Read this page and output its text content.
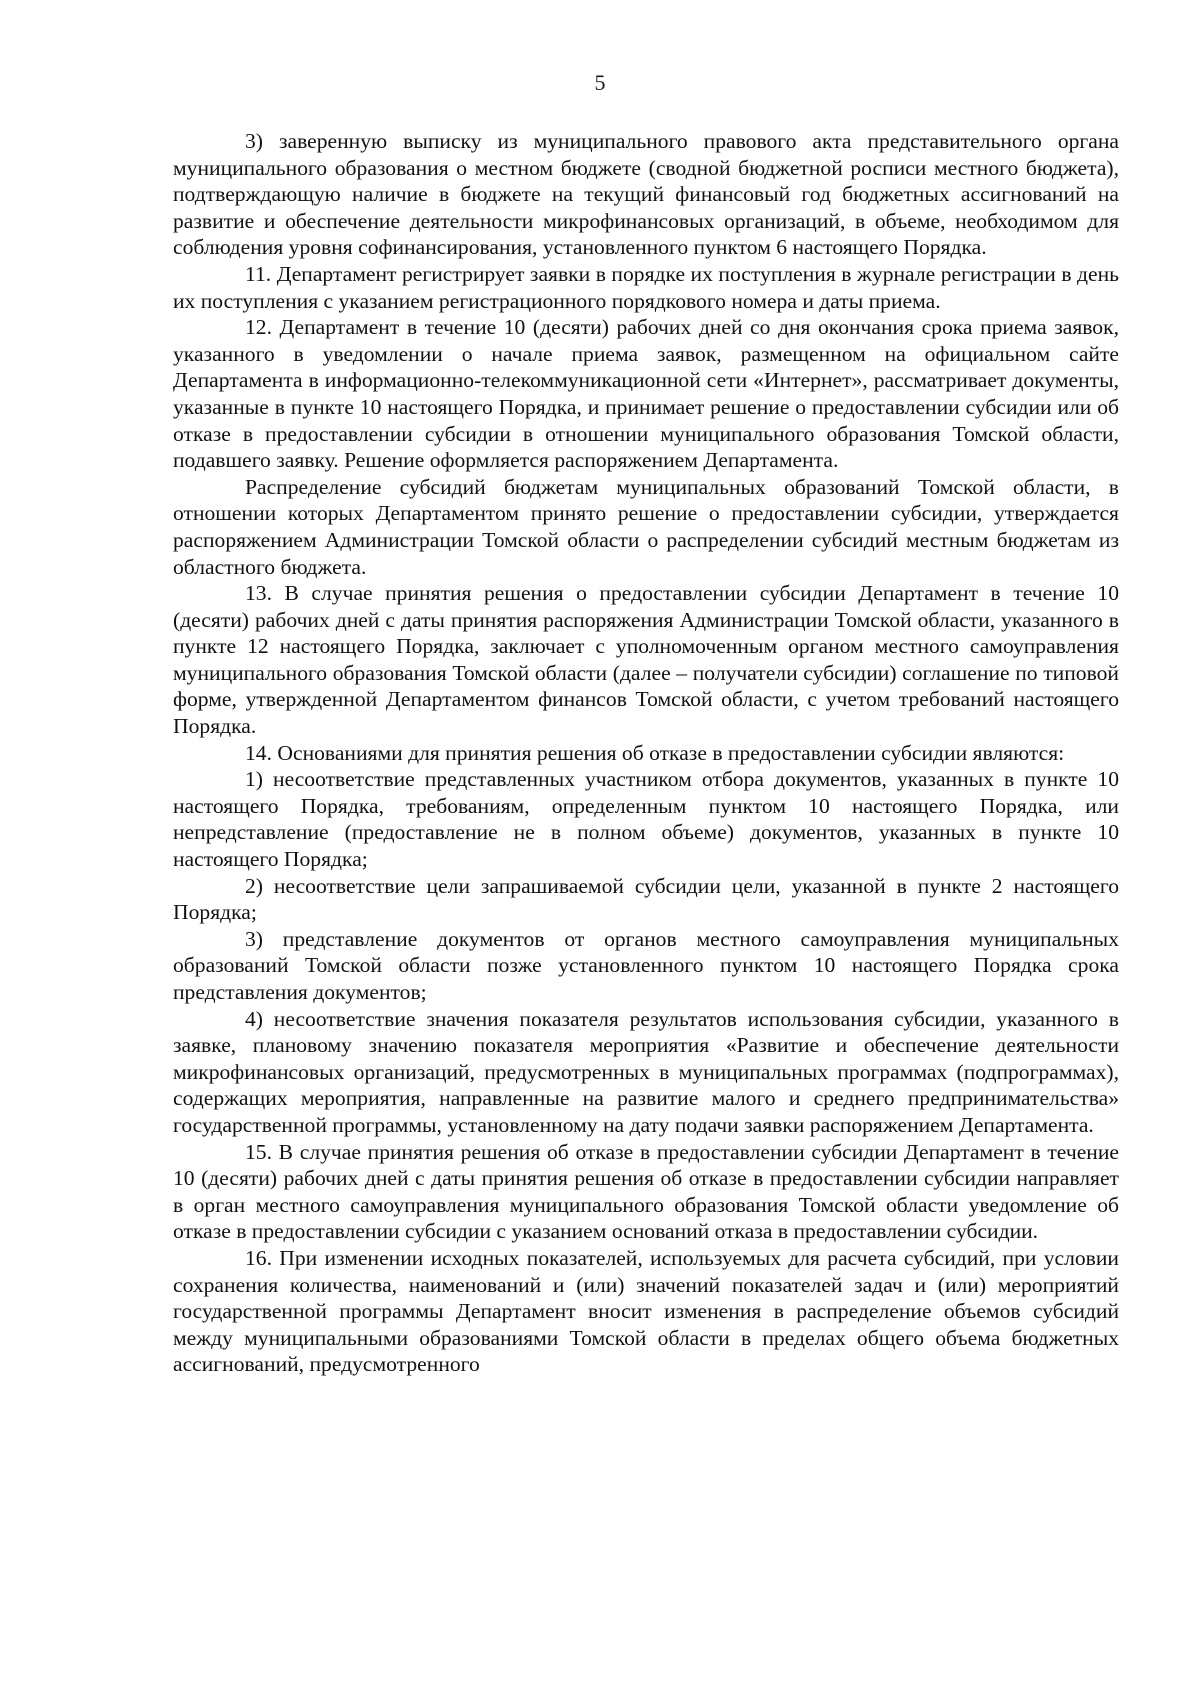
5

3) заверенную выписку из муниципального правового акта представительного органа муниципального образования о местном бюджете (сводной бюджетной росписи местного бюджета), подтверждающую наличие в бюджете на текущий финансовый год бюджетных ассигнований на развитие и обеспечение деятельности микрофинансовых организаций, в объеме, необходимом для соблюдения уровня софинансирования, установленного пунктом 6 настоящего Порядка.

11. Департамент регистрирует заявки в порядке их поступления в журнале регистрации в день их поступления с указанием регистрационного порядкового номера и даты приема.

12. Департамент в течение 10 (десяти) рабочих дней со дня окончания срока приема заявок, указанного в уведомлении о начале приема заявок, размещенном на официальном сайте Департамента в информационно-телекоммуникационной сети «Интернет», рассматривает документы, указанные в пункте 10 настоящего Порядка, и принимает решение о предоставлении субсидии или об отказе в предоставлении субсидии в отношении муниципального образования Томской области, подавшего заявку. Решение оформляется распоряжением Департамента.

Распределение субсидий бюджетам муниципальных образований Томской области, в отношении которых Департаментом принято решение о предоставлении субсидии, утверждается распоряжением Администрации Томской области о распределении субсидий местным бюджетам из областного бюджета.

13. В случае принятия решения о предоставлении субсидии Департамент в течение 10 (десяти) рабочих дней с даты принятия распоряжения Администрации Томской области, указанного в пункте 12 настоящего Порядка, заключает с уполномоченным органом местного самоуправления муниципального образования Томской области (далее – получатели субсидии) соглашение по типовой форме, утвержденной Департаментом финансов Томской области, с учетом требований настоящего Порядка.

14. Основаниями для принятия решения об отказе в предоставлении субсидии являются:

1) несоответствие представленных участником отбора документов, указанных в пункте 10 настоящего Порядка, требованиям, определенным пунктом 10 настоящего Порядка, или непредставление (предоставление не в полном объеме) документов, указанных в пункте 10 настоящего Порядка;

2) несоответствие цели запрашиваемой субсидии цели, указанной в пункте 2 настоящего Порядка;

3) представление документов от органов местного самоуправления муниципальных образований Томской области позже установленного пунктом 10 настоящего Порядка срока представления документов;

4) несоответствие значения показателя результатов использования субсидии, указанного в заявке, плановому значению показателя мероприятия «Развитие и обеспечение деятельности микрофинансовых организаций, предусмотренных в муниципальных программах (подпрограммах), содержащих мероприятия, направленные на развитие малого и среднего предпринимательства» государственной программы, установленному на дату подачи заявки распоряжением Департамента.

15. В случае принятия решения об отказе в предоставлении субсидии Департамент в течение 10 (десяти) рабочих дней с даты принятия решения об отказе в предоставлении субсидии направляет в орган местного самоуправления муниципального образования Томской области уведомление об отказе в предоставлении субсидии с указанием оснований отказа в предоставлении субсидии.

16. При изменении исходных показателей, используемых для расчета субсидий, при условии сохранения количества, наименований и (или) значений показателей задач и (или) мероприятий государственной программы Департамент вносит изменения в распределение объемов субсидий между муниципальными образованиями Томской области в пределах общего объема бюджетных ассигнований, предусмотренного
